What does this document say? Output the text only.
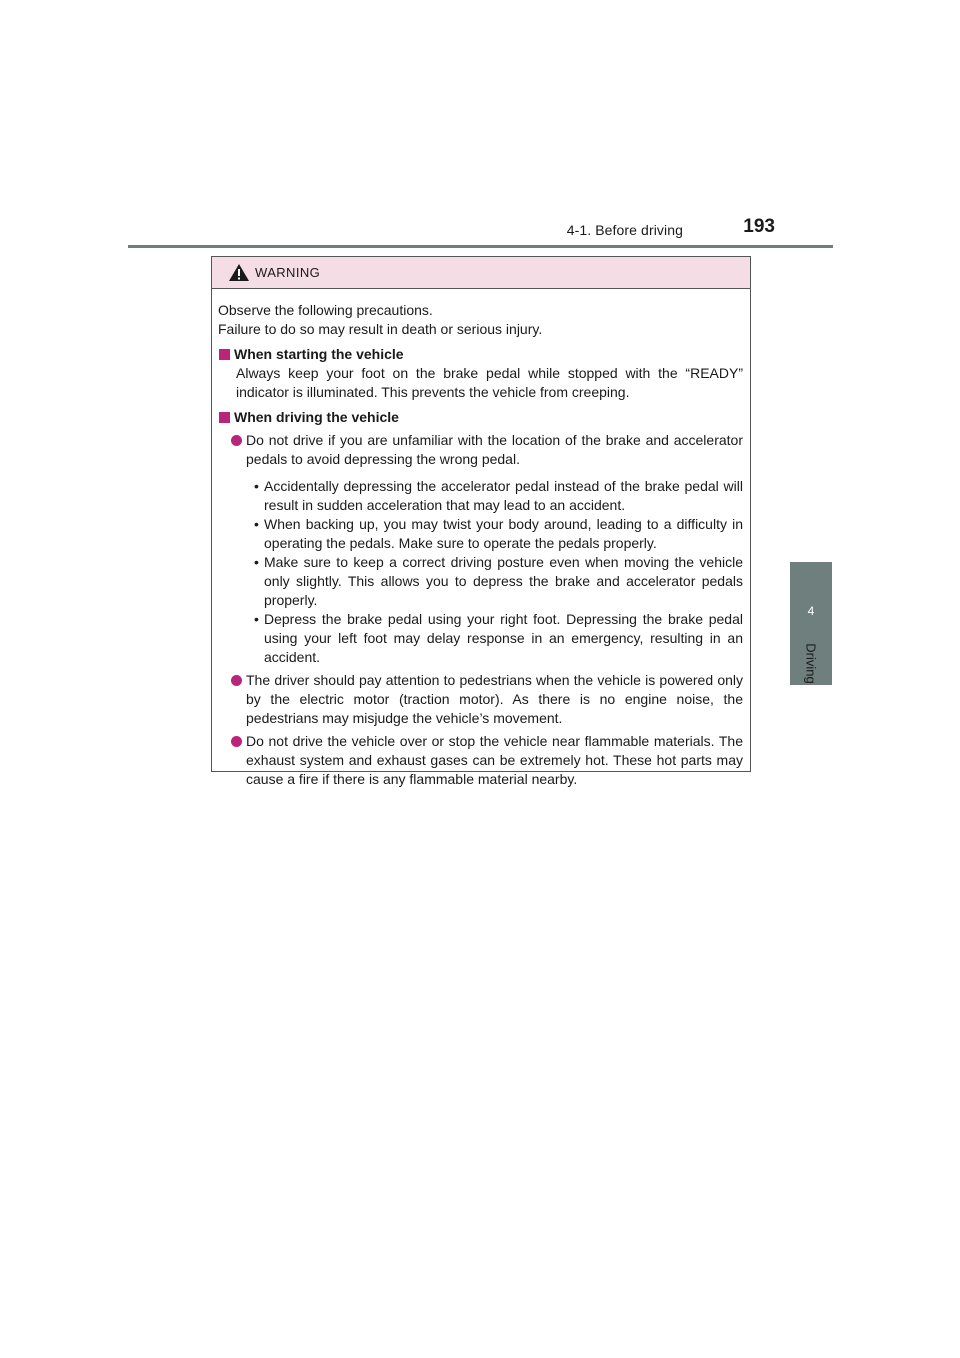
4-1. Before driving	193
4
Driving
WARNING

Observe the following precautions.

Failure to do so may result in death or serious injury.

When starting the vehicle
Always keep your foot on the brake pedal while stopped with the “READY” indicator is illuminated. This prevents the vehicle from creeping.
When driving the vehicle
Do not drive if you are unfamiliar with the location of the brake and accelerator pedals to avoid depressing the wrong pedal.
• Accidentally depressing the accelerator pedal instead of the brake pedal will result in sudden acceleration that may lead to an accident.
• When backing up, you may twist your body around, leading to a difficulty in operating the pedals. Make sure to operate the pedals properly.
• Make sure to keep a correct driving posture even when moving the vehicle only slightly. This allows you to depress the brake and accelerator pedals properly.
• Depress the brake pedal using your right foot. Depressing the brake pedal using your left foot may delay response in an emergency, resulting in an accident.
The driver should pay attention to pedestrians when the vehicle is powered only by the electric motor (traction motor). As there is no engine noise, the pedestrians may misjudge the vehicle’s movement.
Do not drive the vehicle over or stop the vehicle near flammable materials. The exhaust system and exhaust gases can be extremely hot. These hot parts may cause a fire if there is any flammable material nearby.
